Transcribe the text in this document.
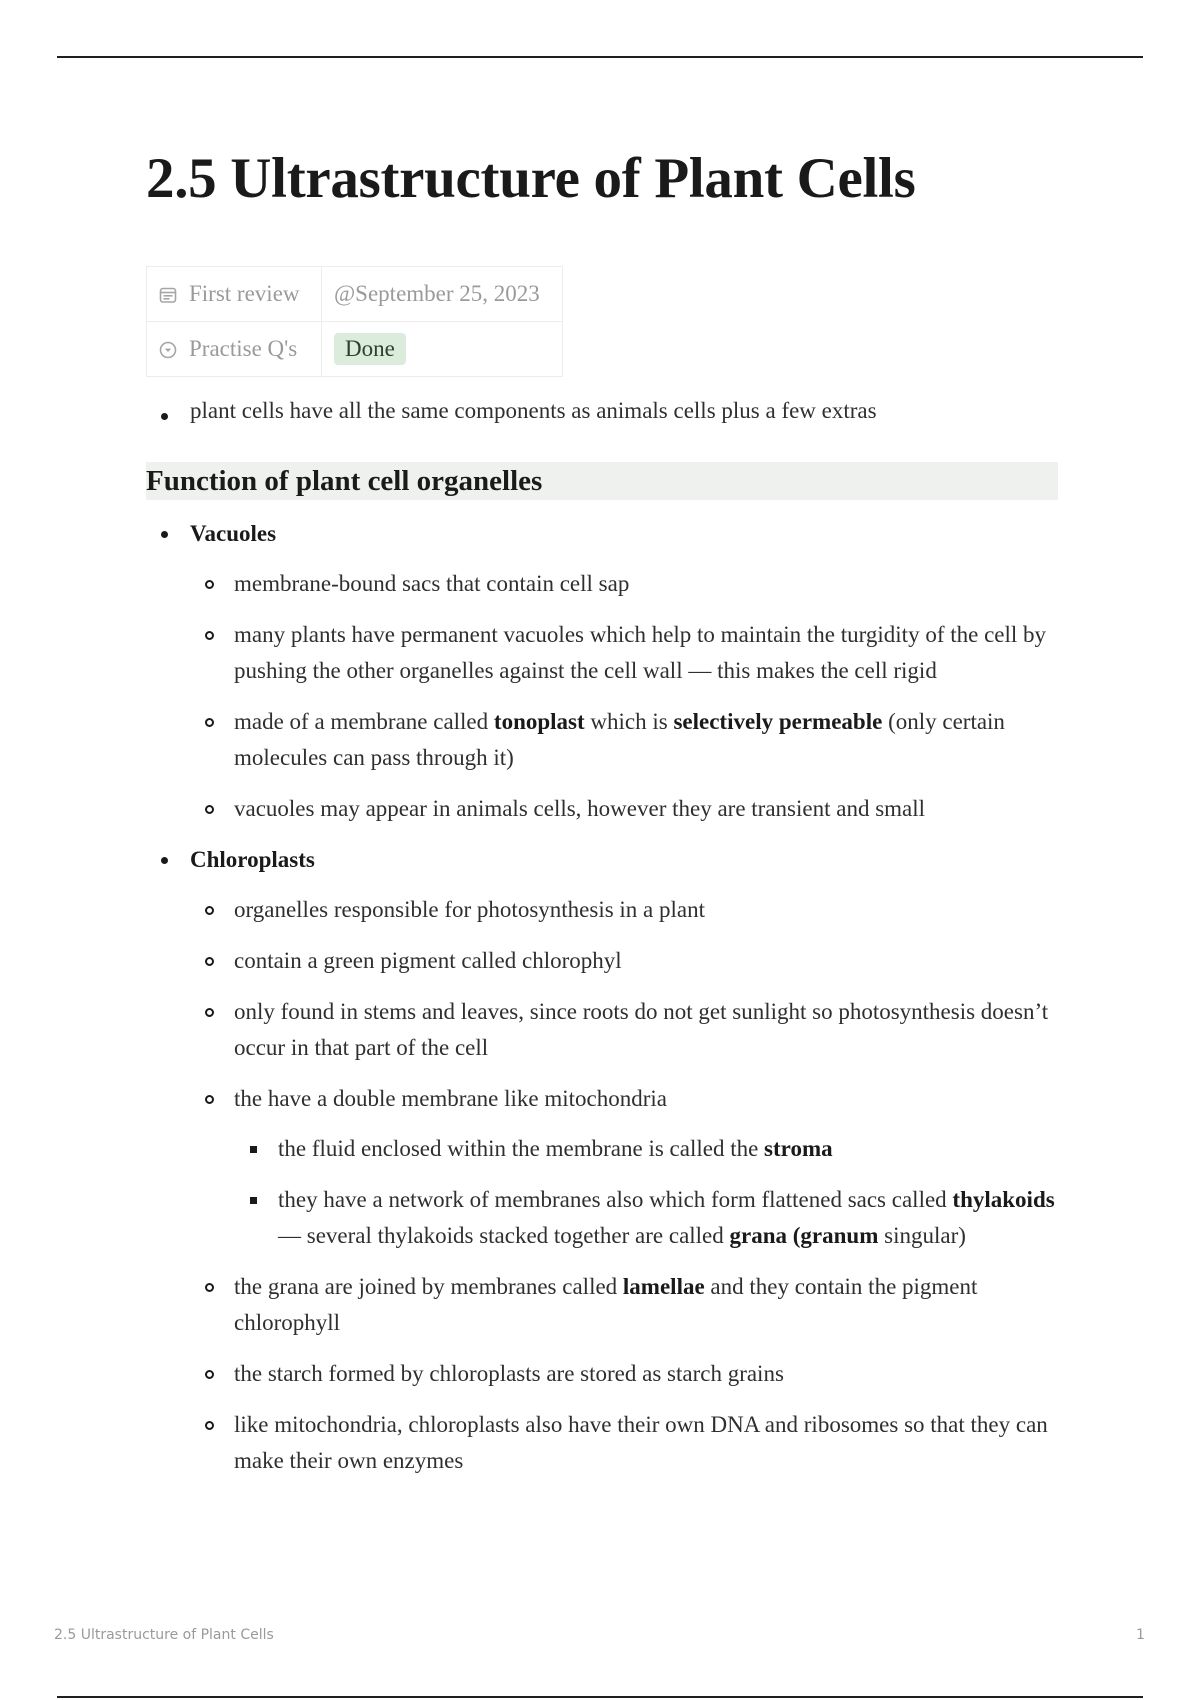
2.5 Ultrastructure of Plant Cells
First review	@September 25, 2023
Practise Q's	Done
plant cells have all the same components as animals cells plus a few extras
Function of plant cell organelles
Vacuoles
membrane-bound sacs that contain cell sap
many plants have permanent vacuoles which help to maintain the turgidity of the cell by pushing the other organelles against the cell wall — this makes the cell rigid
made of a membrane called tonoplast which is selectively permeable (only certain molecules can pass through it)
vacuoles may appear in animals cells, however they are transient and small
Chloroplasts
organelles responsible for photosynthesis in a plant
contain a green pigment called chlorophyl
only found in stems and leaves, since roots do not get sunlight so photosynthesis doesn’t occur in that part of the cell
the have a double membrane like mitochondria
the fluid enclosed within the membrane is called the stroma
they have a network of membranes also which form flattened sacs called thylakoids — several thylakoids stacked together are called grana (granum singular)
the grana are joined by membranes called lamellae and they contain the pigment chlorophyll
the starch formed by chloroplasts are stored as starch grains
like mitochondria, chloroplasts also have their own DNA and ribosomes so that they can make their own enzymes
2.5 Ultrastructure of Plant Cells	1
